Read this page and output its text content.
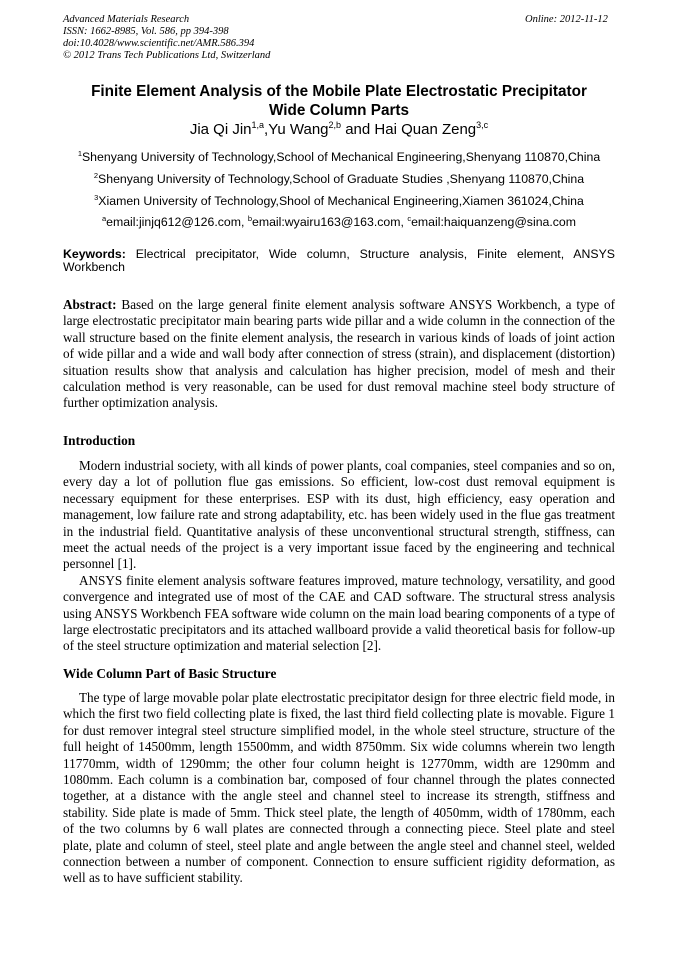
Advanced Materials Research
ISSN: 1662-8985, Vol. 586, pp 394-398
doi:10.4028/www.scientific.net/AMR.586.394
© 2012 Trans Tech Publications Ltd, Switzerland
Online: 2012-11-12
Finite Element Analysis of the Mobile Plate Electrostatic Precipitator
Wide Column Parts
Jia Qi Jin$^{1,a}$,Yu Wang$^{2,b}$ and Hai Quan Zeng$^{3,c}$
$^1$Shenyang University of Technology,School of Mechanical Engineering,Shenyang 110870,China
$^2$Shenyang University of Technology,School of Graduate Studies ,Shenyang 110870,China
$^3$Xiamen University of Technology,Shool of Mechanical Engineering,Xiamen 361024,China
$^a$email:jinjq612@126.com, $^b$email:wyairu163@163.com, $^c$email:haiquanzeng@sina.com
Keywords: Electrical precipitator, Wide column, Structure analysis, Finite element, ANSYS Workbench

Abstract: Based on the large general finite element analysis software ANSYS Workbench, a type of large electrostatic precipitator main bearing parts wide pillar and a wide column in the connection of the wall structure based on the finite element analysis, the research in various kinds of loads of joint action of wide pillar and a wide and wall body after connection of stress (strain), and displacement (distortion) situation results show that analysis and calculation has higher precision, model of mesh and their calculation method is very reasonable, can be used for dust removal machine steel body structure of further optimization analysis.

Introduction

Modern industrial society, with all kinds of power plants, coal companies, steel companies and so on, every day a lot of pollution flue gas emissions. So efficient, low-cost dust removal equipment is necessary equipment for these enterprises. ESP with its dust, high efficiency, easy operation and management, low failure rate and strong adaptability, etc. has been widely used in the flue gas treatment in the industrial field. Quantitative analysis of these unconventional structural strength, stiffness, can meet the actual needs of the project is a very important issue faced by the engineering and technical personnel [1].

ANSYS finite element analysis software features improved, mature technology, versatility, and good convergence and integrated use of most of the CAE and CAD software. The structural stress analysis using ANSYS Workbench FEA software wide column on the main load bearing components of a type of large electrostatic precipitators and its attached wallboard provide a valid theoretical basis for follow-up of the steel structure optimization and material selection [2].

Wide Column Part of Basic Structure

The type of large movable polar plate electrostatic precipitator design for three electric field mode, in which the first two field collecting plate is fixed, the last third field collecting plate is movable. Figure 1 for dust remover integral steel structure simplified model, in the whole steel structure, structure of the full height of 14500mm, length 15500mm, and width 8750mm. Six wide columns wherein two length 11770mm, width of 1290mm; the other four column height is 12770mm, width are 1290mm and 1080mm. Each column is a combination bar, composed of four channel through the plates connected together, at a distance with the angle steel and channel steel to increase its strength, stiffness and stability. Side plate is made of 5mm. Thick steel plate, the length of 4050mm, width of 1780mm, each of the two columns by 6 wall plates are connected through a connecting piece. Steel plate and steel plate, plate and column of steel, steel plate and angle between the angle steel and channel steel, welded connection between a number of component. Connection to ensure sufficient rigidity deformation, as well as to have sufficient stability.
